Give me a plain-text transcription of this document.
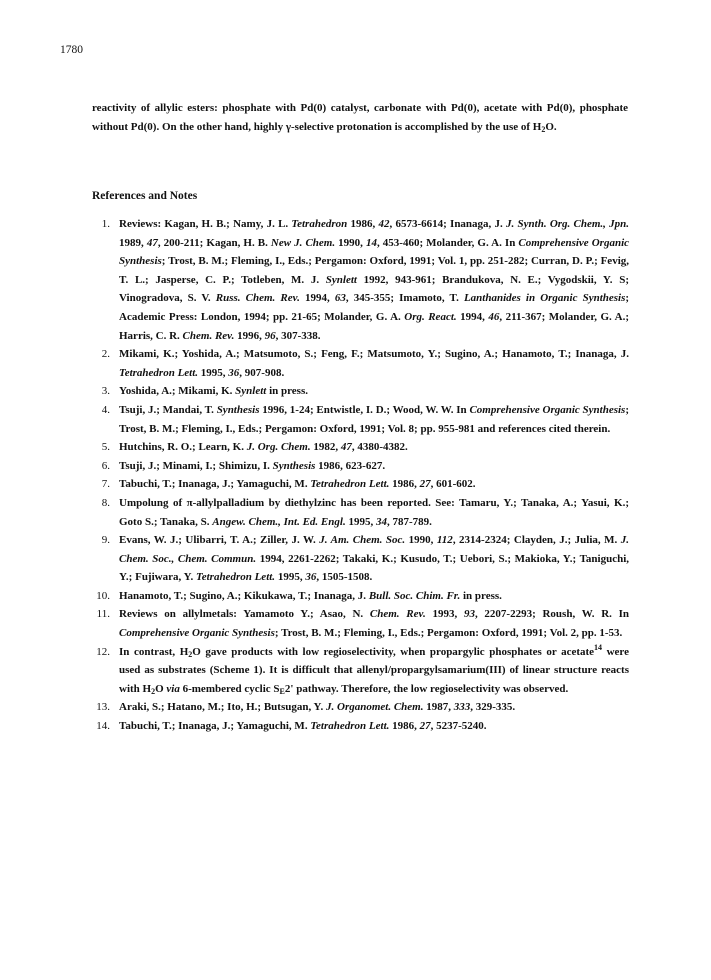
1780
reactivity of allylic esters: phosphate with Pd(0) catalyst, carbonate with Pd(0), acetate with Pd(0), phosphate without Pd(0). On the other hand, highly γ-selective protonation is accomplished by the use of $H_2O$.
References and Notes
1. Reviews: Kagan, H. B.; Namy, J. L. Tetrahedron 1986, 42, 6573-6614; Inanaga, J. J. Synth. Org. Chem., Jpn. 1989, 47, 200-211; Kagan, H. B. New J. Chem. 1990, 14, 453-460; Molander, G. A. In Comprehensive Organic Synthesis; Trost, B. M.; Fleming, I., Eds.; Pergamon: Oxford, 1991; Vol. 1, pp. 251-282; Curran, D. P.; Fevig, T. L.; Jasperse, C. P.; Totleben, M. J. Synlett 1992, 943-961; Brandukova, N. E.; Vygodskii, Y. S; Vinogradova, S. V. Russ. Chem. Rev. 1994, 63, 345-355; Imamoto, T. Lanthanides in Organic Synthesis; Academic Press: London, 1994; pp. 21-65; Molander, G. A. Org. React. 1994, 46, 211-367; Molander, G. A.; Harris, C. R. Chem. Rev. 1996, 96, 307-338.
2. Mikami, K.; Yoshida, A.; Matsumoto, S.; Feng, F.; Matsumoto, Y.; Sugino, A.; Hanamoto, T.; Inanaga, J. Tetrahedron Lett. 1995, 36, 907-908.
3. Yoshida, A.; Mikami, K. Synlett in press.
4. Tsuji, J.; Mandai, T. Synthesis 1996, 1-24; Entwistle, I. D.; Wood, W. W. In Comprehensive Organic Synthesis; Trost, B. M.; Fleming, I., Eds.; Pergamon: Oxford, 1991; Vol. 8; pp. 955-981 and references cited therein.
5. Hutchins, R. O.; Learn, K. J. Org. Chem. 1982, 47, 4380-4382.
6. Tsuji, J.; Minami, I.; Shimizu, I. Synthesis 1986, 623-627.
7. Tabuchi, T.; Inanaga, J.; Yamaguchi, M. Tetrahedron Lett. 1986, 27, 601-602.
8. Umpolung of π-allylpalladium by diethylzinc has been reported. See: Tamaru, Y.; Tanaka, A.; Yasui, K.; Goto S.; Tanaka, S. Angew. Chem., Int. Ed. Engl. 1995, 34, 787-789.
9. Evans, W. J.; Ulibarri, T. A.; Ziller, J. W. J. Am. Chem. Soc. 1990, 112, 2314-2324; Clayden, J.; Julia, M. J. Chem. Soc., Chem. Commun. 1994, 2261-2262; Takaki, K.; Kusudo, T.; Uebori, S.; Makioka, Y.; Taniguchi, Y.; Fujiwara, Y. Tetrahedron Lett. 1995, 36, 1505-1508.
10. Hanamoto, T.; Sugino, A.; Kikukawa, T.; Inanaga, J. Bull. Soc. Chim. Fr. in press.
11. Reviews on allylmetals: Yamamoto Y.; Asao, N. Chem. Rev. 1993, 93, 2207-2293; Roush, W. R. In Comprehensive Organic Synthesis; Trost, B. M.; Fleming, I., Eds.; Pergamon: Oxford, 1991; Vol. 2, pp. 1-53.
12. In contrast, $H_2O$ gave products with low regioselectivity, when propargylic phosphates or acetate$^{14}$ were used as substrates (Scheme 1). It is difficult that allenyl/propargylsamarium(III) of linear structure reacts with $H_2O$ via 6-membered cyclic $S_E2'$ pathway. Therefore, the low regioselectivity was observed.
13. Araki, S.; Hatano, M.; Ito, H.; Butsugan, Y. J. Organomet. Chem. 1987, 333, 329-335.
14. Tabuchi, T.; Inanaga, J.; Yamaguchi, M. Tetrahedron Lett. 1986, 27, 5237-5240.
